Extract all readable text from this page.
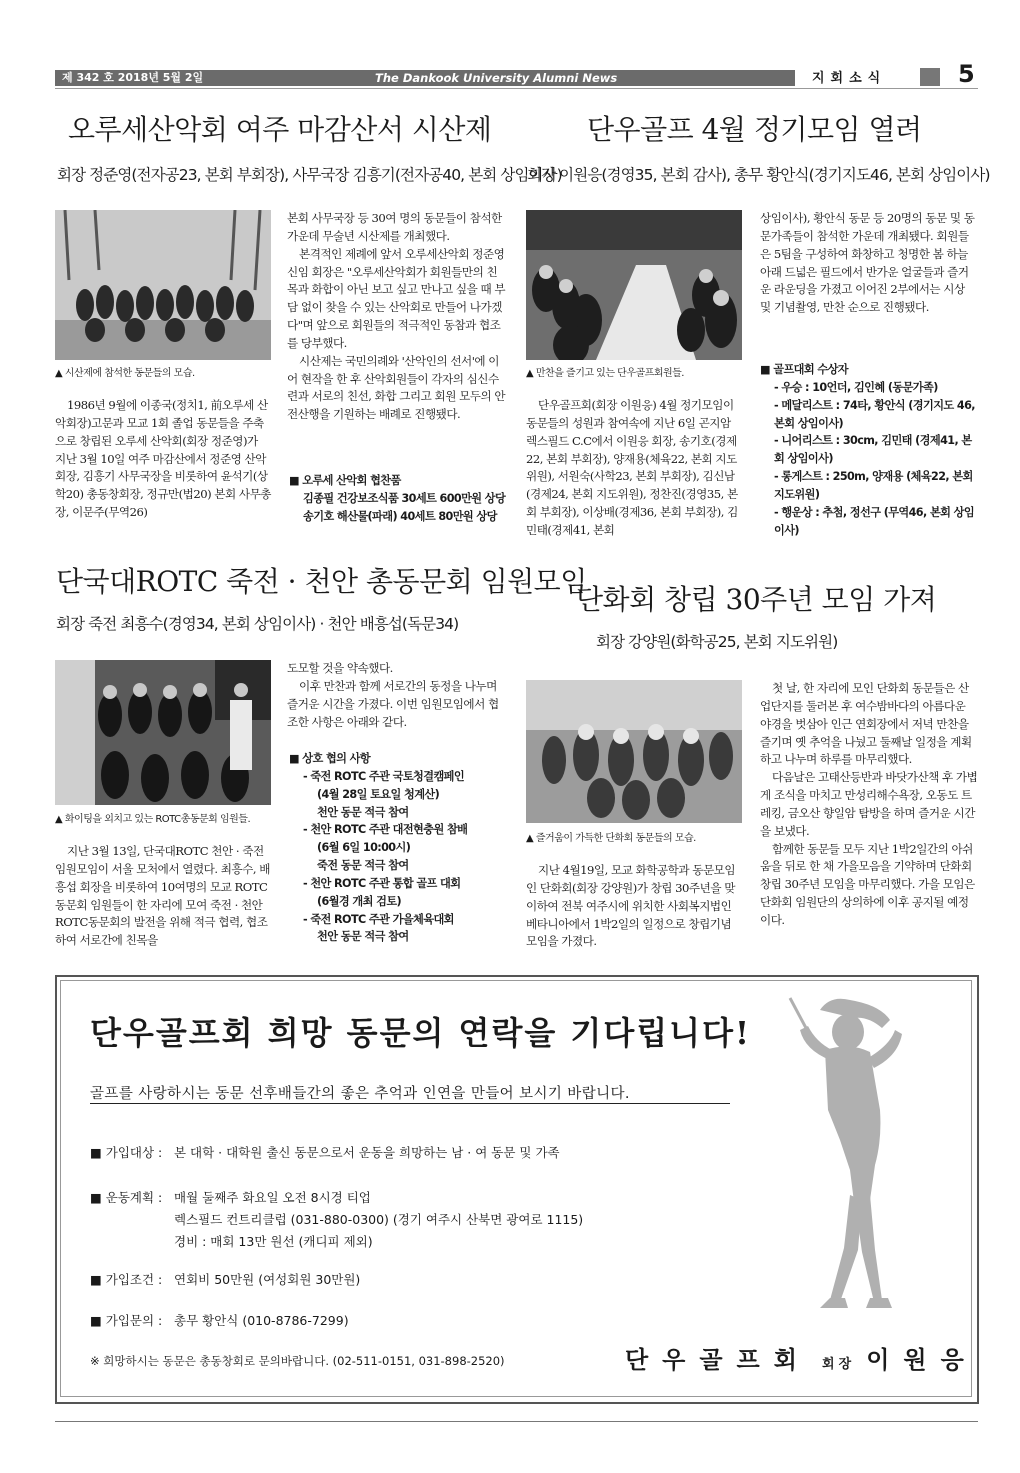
제 342 호 2018년 5월 2일	The Dankook University Alumni News	지회소식	5
오루세산악회 여주 마감산서 시산제
회장 정준영(전자공23, 본회 부회장), 사무국장 김흥기(전자공40, 본회 상임이사)
▲ 시산제에 참석한 동문들의 모습.

1986년 9월에 이종국(정치1, 前오루세 산악회장)고문과 모교 1회 졸업 동문들을 주축으로 창립된 오루세 산악회(회장 정준영)가 지난 3월 10일 여주 마감산에서 정준영 산악회장, 김흥기 사무국장을 비롯하여 윤석기(상학20) 총동창회장, 정규만(법20) 본회 사무총장, 이문주(무역26)

본회 사무국장 등 30여 명의 동문들이 참석한 가운데 무술년 시산제를 개최했다.

본격적인 제례에 앞서 오루세산악회 정준영 신임 회장은 "오루세산악회가 회원들만의 친목과 화합이 아닌 보고 싶고 만나고 싶을 때 부담 없이 찾을 수 있는 산악회로 만들어 나가겠다"며 앞으로 회원들의 적극적인 동참과 협조를 당부했다.

시산제는 국민의례와 '산악인의 선서'에 이어 현작을 한 후 산악회원들이 각자의 심신수련과 서로의 친선, 화합 그리고 회원 모두의 안전산행을 기원하는 배례로 진행됐다.

■ 오루세 산악회 협찬품
김종필 건강보조식품 30세트 600만원 상당
송기호 해산물(파래) 40세트 80만원 상당
단우골프 4월 정기모임 열려
회장 이원응(경영35, 본회 감사), 총무 황안식(경기지도46, 본회 상임이사)
▲ 만찬을 즐기고 있는 단우골프회원들.

단우골프회(회장 이원응) 4월 정기모임이 동문들의 성원과 참여속에 지난 6일 곤지암 렉스필드 C.C에서 이원응 회장, 송기호(경제22, 본회 부회장), 양재용(체육22, 본회 지도위원), 서원숙(사학23, 본회 부회장), 김신남(경제24, 본회 지도위원), 정찬진(경영35, 본회 부회장), 이상배(경제36, 본회 부회장), 김민태(경제41, 본회

상임이사), 황안식 동문 등 20명의 동문 및 동문가족들이 참석한 가운데 개최됐다. 회원들은 5팀을 구성하여 화창하고 청명한 봄 하늘 아래 드넓은 필드에서 반가운 얼굴들과 즐거운 라운딩을 가졌고 이어진 2부에서는 시상 및 기념촬영, 만찬 순으로 진행됐다.

■ 골프대회 수상자
- 우승 : 10언더, 김인혜 (동문가족)
- 메달리스트 : 74타, 황안식 (경기지도 46, 본회 상임이사)
- 니어리스트 : 30cm, 김민태 (경제41, 본회 상임이사)
- 롱게스트 : 250m, 양재용 (체육22, 본회 지도위원)
- 행운상 : 추첨, 정선구 (무역46, 본회 상임이사)
단국대ROTC 죽전 · 천안 총동문회 임원모임
회장 죽전 최흥수(경영34, 본회 상임이사) · 천안 배흥섭(독문34)
▲ 화이팅을 외치고 있는 ROTC총동문회 임원들.

지난 3월 13일, 단국대ROTC 천안 · 죽전 임원모임이 서울 모처에서 열렸다. 최흥수, 배흥섭 회장을 비롯하여 10여명의 모교 ROTC동문회 임원들이 한 자리에 모여 죽전 · 천안 ROTC동문회의 발전을 위해 적극 협력, 협조하여 서로간에 친목을

도모할 것을 약속했다.

이후 만찬과 함께 서로간의 동정을 나누며 즐거운 시간을 가졌다. 이번 임원모임에서 협조한 사항은 아래와 같다.

■ 상호 협의 사항
- 죽전 ROTC 주관 국토청결캠페인
(4월 28일 토요일 청계산)
천안 동문 적극 참여
- 천안 ROTC 주관 대전현충원 참배
(6월 6일 10:00시)
죽전 동문 적극 참여
- 천안 ROTC 주관 통합 골프 대회
(6월경 개최 검토)
- 죽전 ROTC 주관 가을체육대회
천안 동문 적극 참여
단화회 창립 30주년 모임 가져
회장 강양원(화학공25, 본회 지도위원)
▲ 즐거움이 가득한 단화회 동문들의 모습.

지난 4월19일, 모교 화학공학과 동문모임인 단화회(회장 강양원)가 창립 30주년을 맞이하여 전북 여주시에 위치한 사회복지법인 베타니아에서 1박2일의 일정으로 창립기념 모임을 가졌다.

첫 날, 한 자리에 모인 단화회 동문들은 산업단지를 둘러본 후 여수밤바다의 아름다운 야경을 벗삼아 인근 연회장에서 저녁 만찬을 즐기며 옛 추억을 나눴고 둘째날 일정을 계획하고 나누며 하루를 마무리했다.

다음날은 고태산등반과 바닷가산책 후 가볍게 조식을 마치고 만성리해수욕장, 오동도 트레킹, 금오산 향일암 탐방을 하며 즐거운 시간을 보냈다.

함께한 동문들 모두 지난 1박2일간의 아쉬움을 뒤로 한 채 가을모음을 기약하며 단화회 창립 30주년 모임을 마무리했다. 가을 모임은 단화회 임원단의 상의하에 이후 공지될 예정이다.

단우골프회 희망 동문의 연락을 기다립니다!
골프를 사랑하시는 동문 선후배들간의 좋은 추억과 인연을 만들어 보시기 바랍니다.
■ 가입대상 : 본 대학 · 대학원 출신 동문으로서 운동을 희망하는 남 · 여 동문 및 가족
■ 운동계획 : 매월 둘째주 화요일 오전 8시경 티업
렉스필드 컨트리클럽 (031-880-0300) (경기 여주시 산북면 광여로 1115)
경비 : 매회 13만 원선 (캐디피 제외)
■ 가입조건 : 연회비 50만원 (여성회원 30만원)
■ 가입문의 : 총무 황안식 (010-8786-7299)
※ 희망하시는 동문은 총동창회로 문의바랍니다. (02-511-0151, 031-898-2520)	단우골프회 회장 이원응
